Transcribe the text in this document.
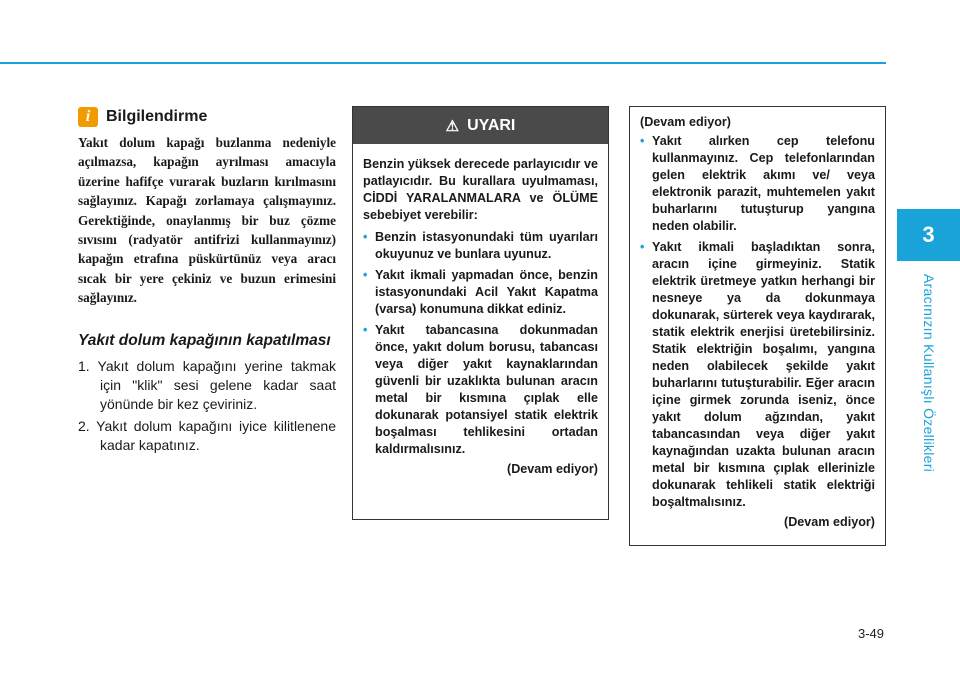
3
Aracınızın Kullanışlı Özellikleri
i Bilgilendirme

Yakıt dolum kapağı buzlanma nedeniyle açılmazsa, kapağın ayrılması amacıyla üzerine hafifçe vurarak buzların kırılmasını sağlayınız. Kapağı zorlamaya çalışmayınız. Gerektiğinde, onaylanmış bir buz çözme sıvısını (radyatör antifrizi kullanmayınız) kapağın etrafına püskürtünüz veya aracı sıcak bir yere çekiniz ve buzun erimesini sağlayınız.

Yakıt dolum kapağının kapatılması
1. Yakıt dolum kapağını yerine takmak için "klik" sesi gelene kadar saat yönünde bir kez çeviriniz.
2. Yakıt dolum kapağını iyice kilitlenene kadar kapatınız.
⚠ UYARI

Benzin yüksek derecede parlayıcıdır ve patlayıcıdır. Bu kurallara uyulmaması, CİDDİ YARALANMALARA ve ÖLÜME sebebiyet verebilir:

• Benzin istasyonundaki tüm uyarıları okuyunuz ve bunlara uyunuz.
• Yakıt ikmali yapmadan önce, benzin istasyonundaki Acil Yakıt Kapatma (varsa) konumuna dikkat ediniz.
• Yakıt tabancasına dokunmadan önce, yakıt dolum borusu, tabancası veya diğer yakıt kaynaklarından güvenli bir uzaklıkta bulunan aracın metal bir kısmına çıplak elle dokunarak potansiyel statik elektrik boşalması tehlikesini ortadan kaldırmalısınız.
(Devam ediyor)

(Devam ediyor)

• Yakıt alırken cep telefonu kullanmayınız. Cep telefonlarından gelen elektrik akımı ve/ veya elektronik parazit, muhtemelen yakıt buharlarını tutuşturup yangına neden olabilir.
• Yakıt ikmali başladıktan sonra, aracın içine girmeyiniz. Statik elektrik üretmeye yatkın herhangi bir nesneye ya da dokunmaya dokunarak, sürterek veya kaydırarak, statik elektrik enerjisi üretebilirsiniz. Statik elektriğin boşalımı, yangına neden olabilecek şekilde yakıt buharlarını tutuşturabilir. Eğer aracın içine girmek zorunda iseniz, önce yakıt dolum ağzından, yakıt tabancasından veya diğer yakıt kaynağından uzakta bulunan aracın metal bir kısmına çıplak ellerinizle dokunarak tehlikeli statik elektriği boşaltmalısınız.
(Devam ediyor)
3-49
